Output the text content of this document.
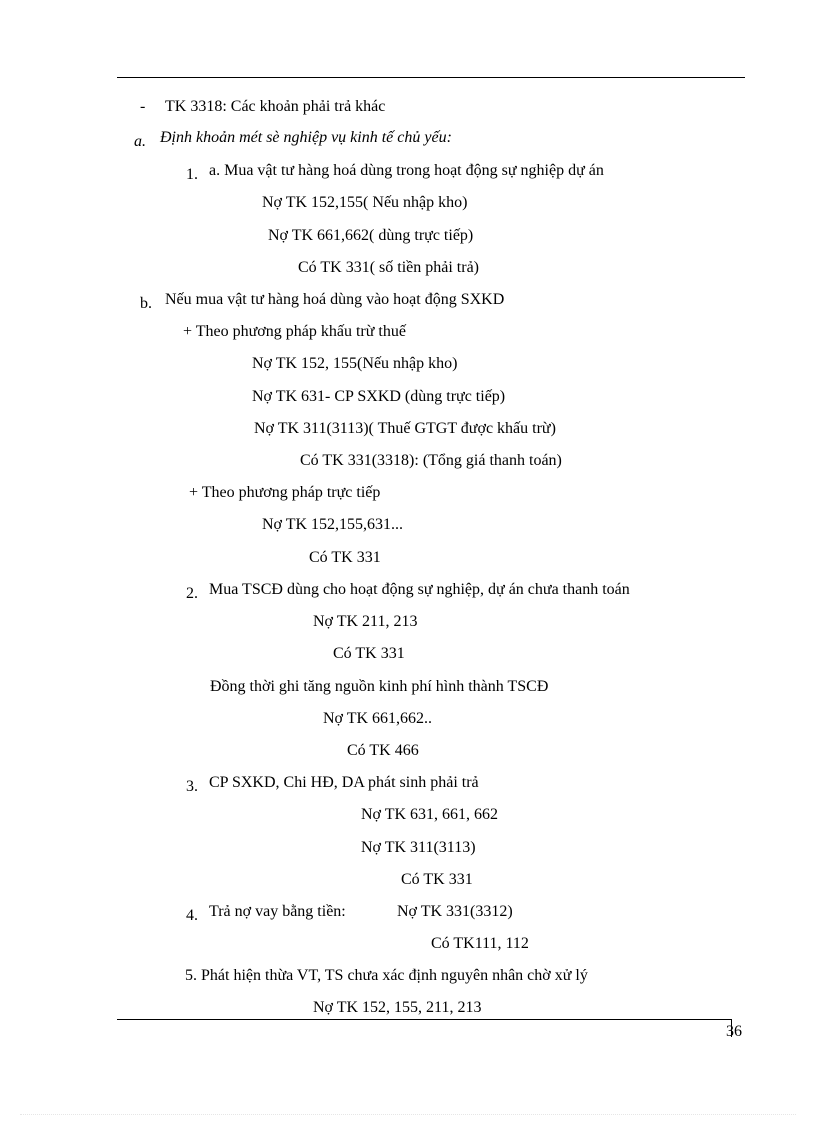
- TK 3318: Các khoản phải trả khác
a. Định khoản mét sè nghiệp vụ kinh tế chủ yếu:
1. a. Mua vật tư hàng hoá dùng trong hoạt động sự nghiệp dự án
Nợ TK 152,155( Nếu nhập kho)
Nợ TK 661,662( dùng trực tiếp)
Có TK 331( số tiền phải trả)
b. Nếu mua vật tư hàng hoá dùng vào hoạt động SXKD
+ Theo phương pháp khấu trừ thuế
Nợ TK 152, 155(Nếu nhập kho)
Nợ TK 631- CP SXKD (dùng trực tiếp)
Nợ TK 311(3113)( Thuế GTGT được khấu trừ)
Có TK 331(3318): (Tổng giá thanh toán)
+ Theo phương pháp trực tiếp
Nợ TK 152,155,631...
Có TK 331
2. Mua TSCĐ dùng cho hoạt động sự nghiệp, dự án chưa thanh toán
Nợ TK 211, 213
Có TK 331
Đồng thời ghi tăng nguồn kinh phí hình thành TSCĐ
Nợ TK 661,662..
Có TK 466
3. CP SXKD, Chi HĐ, DA phát sinh phải trả
Nợ TK 631, 661, 662
Nợ TK 311(3113)
Có TK 331
4. Trả nợ vay bằng tiền:	Nợ TK 331(3312)
Có TK111, 112
5. Phát hiện thừa VT, TS chưa xác định nguyên nhân chờ xử lý
Nợ TK 152, 155, 211, 213
36
